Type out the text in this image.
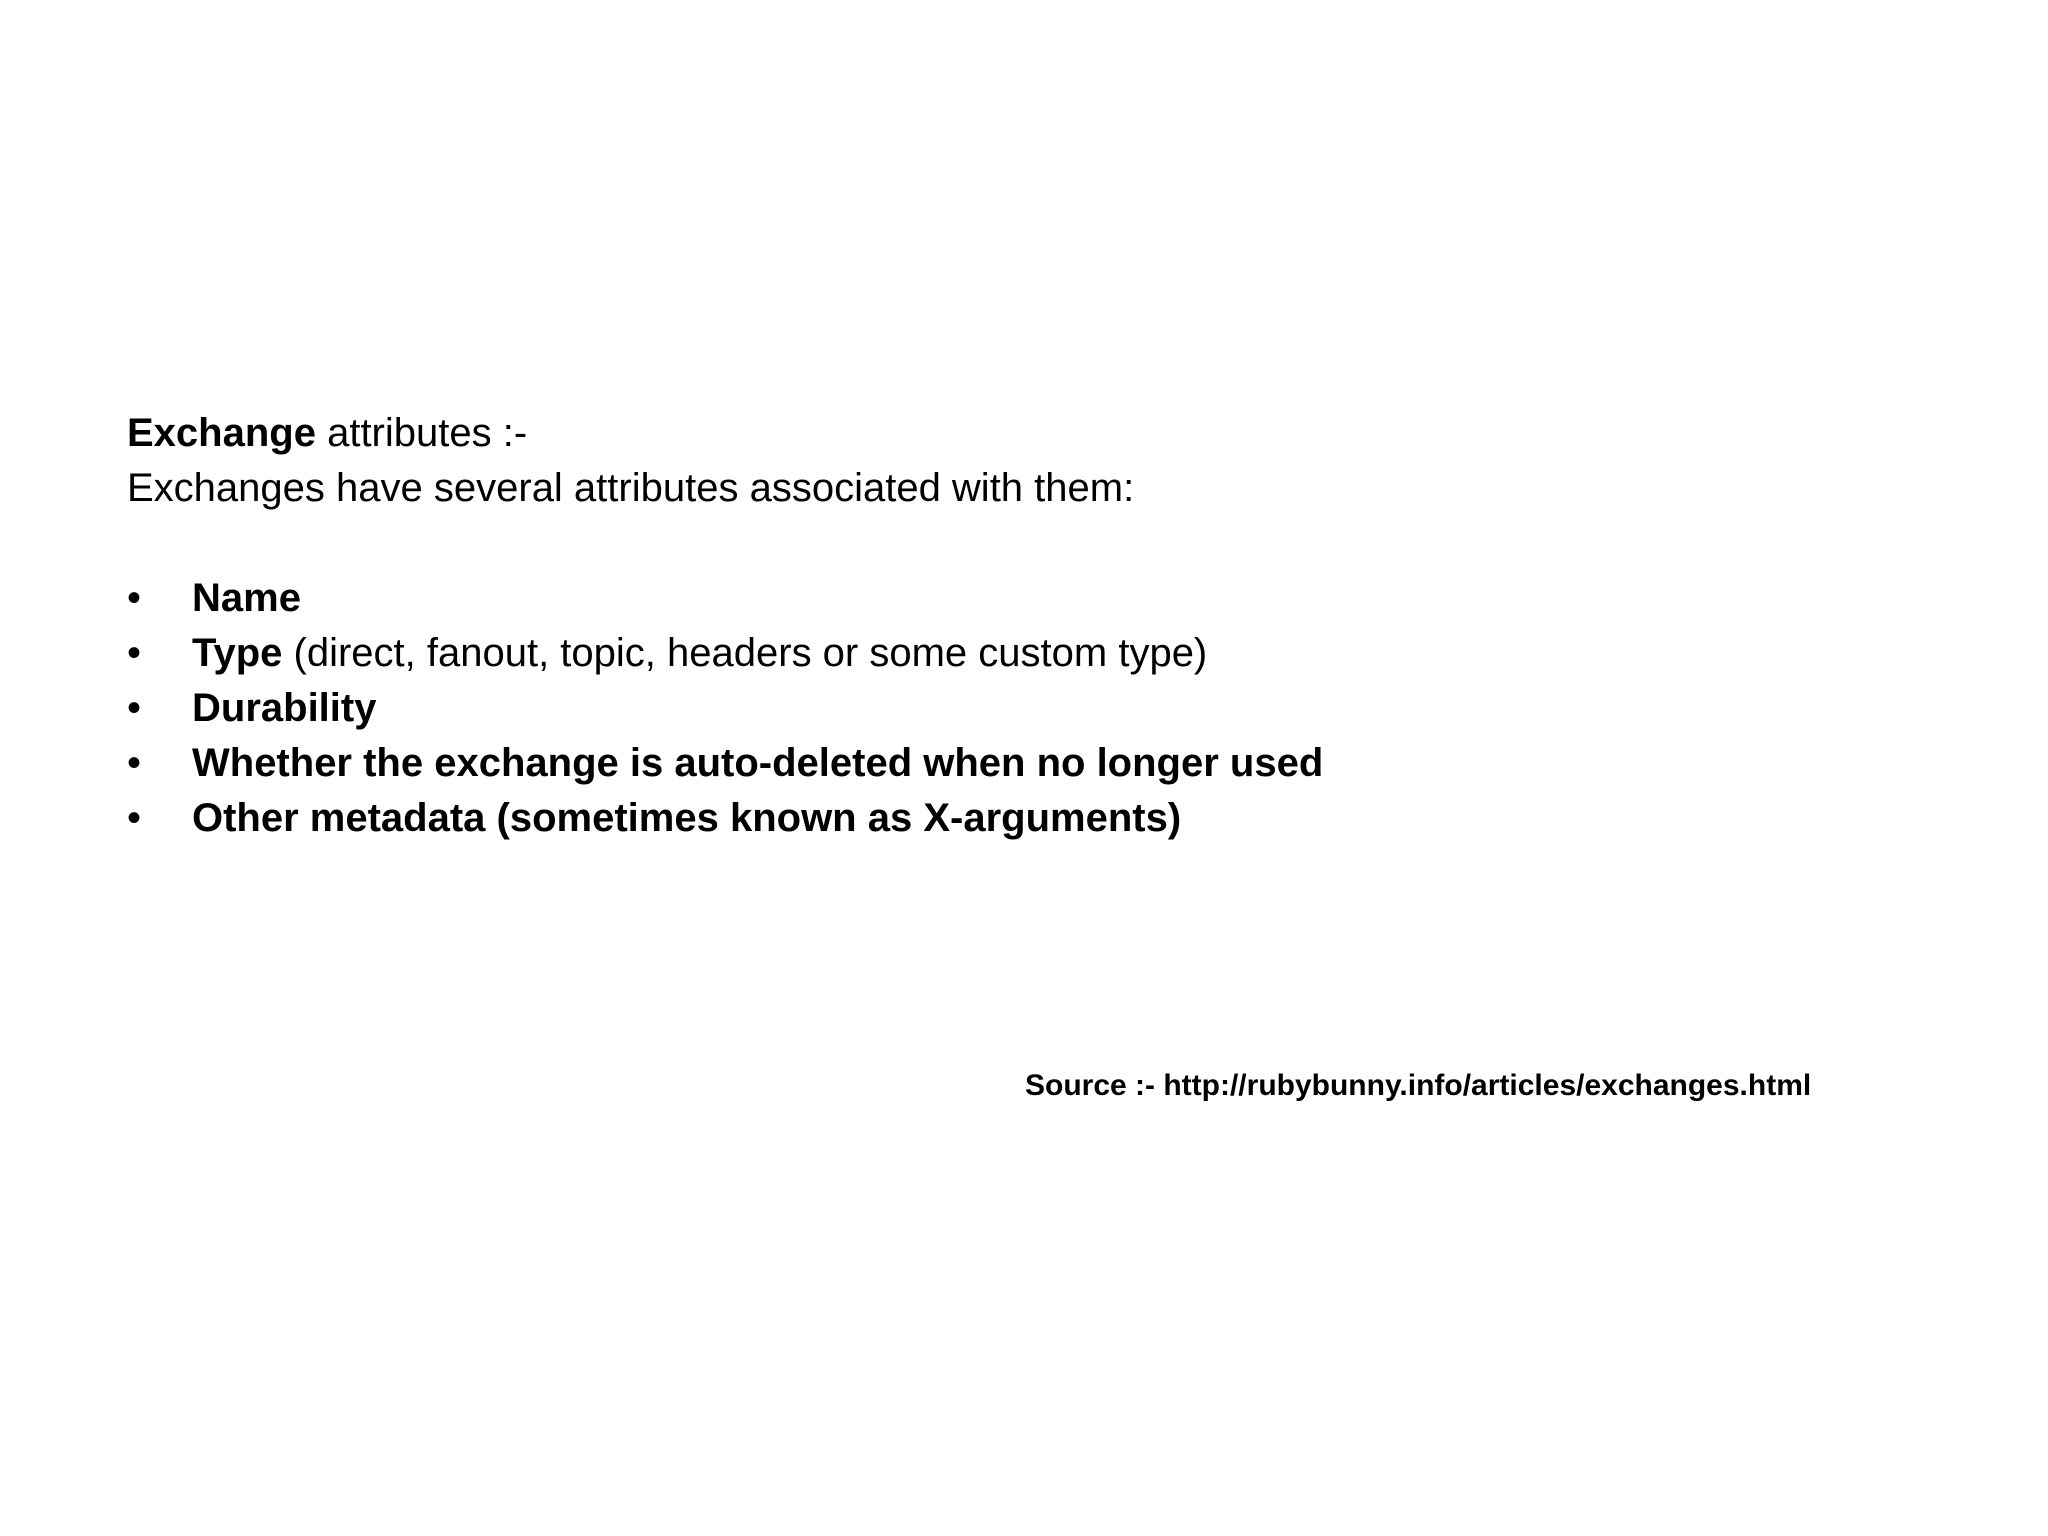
Exchange attributes :-
Exchanges have several attributes associated with them:
• Name
• Type (direct, fanout, topic, headers or some custom type)
• Durability
• Whether the exchange is auto-deleted when no longer used
• Other metadata (sometimes known as X-arguments)
Source :- http://rubybunny.info/articles/exchanges.html
